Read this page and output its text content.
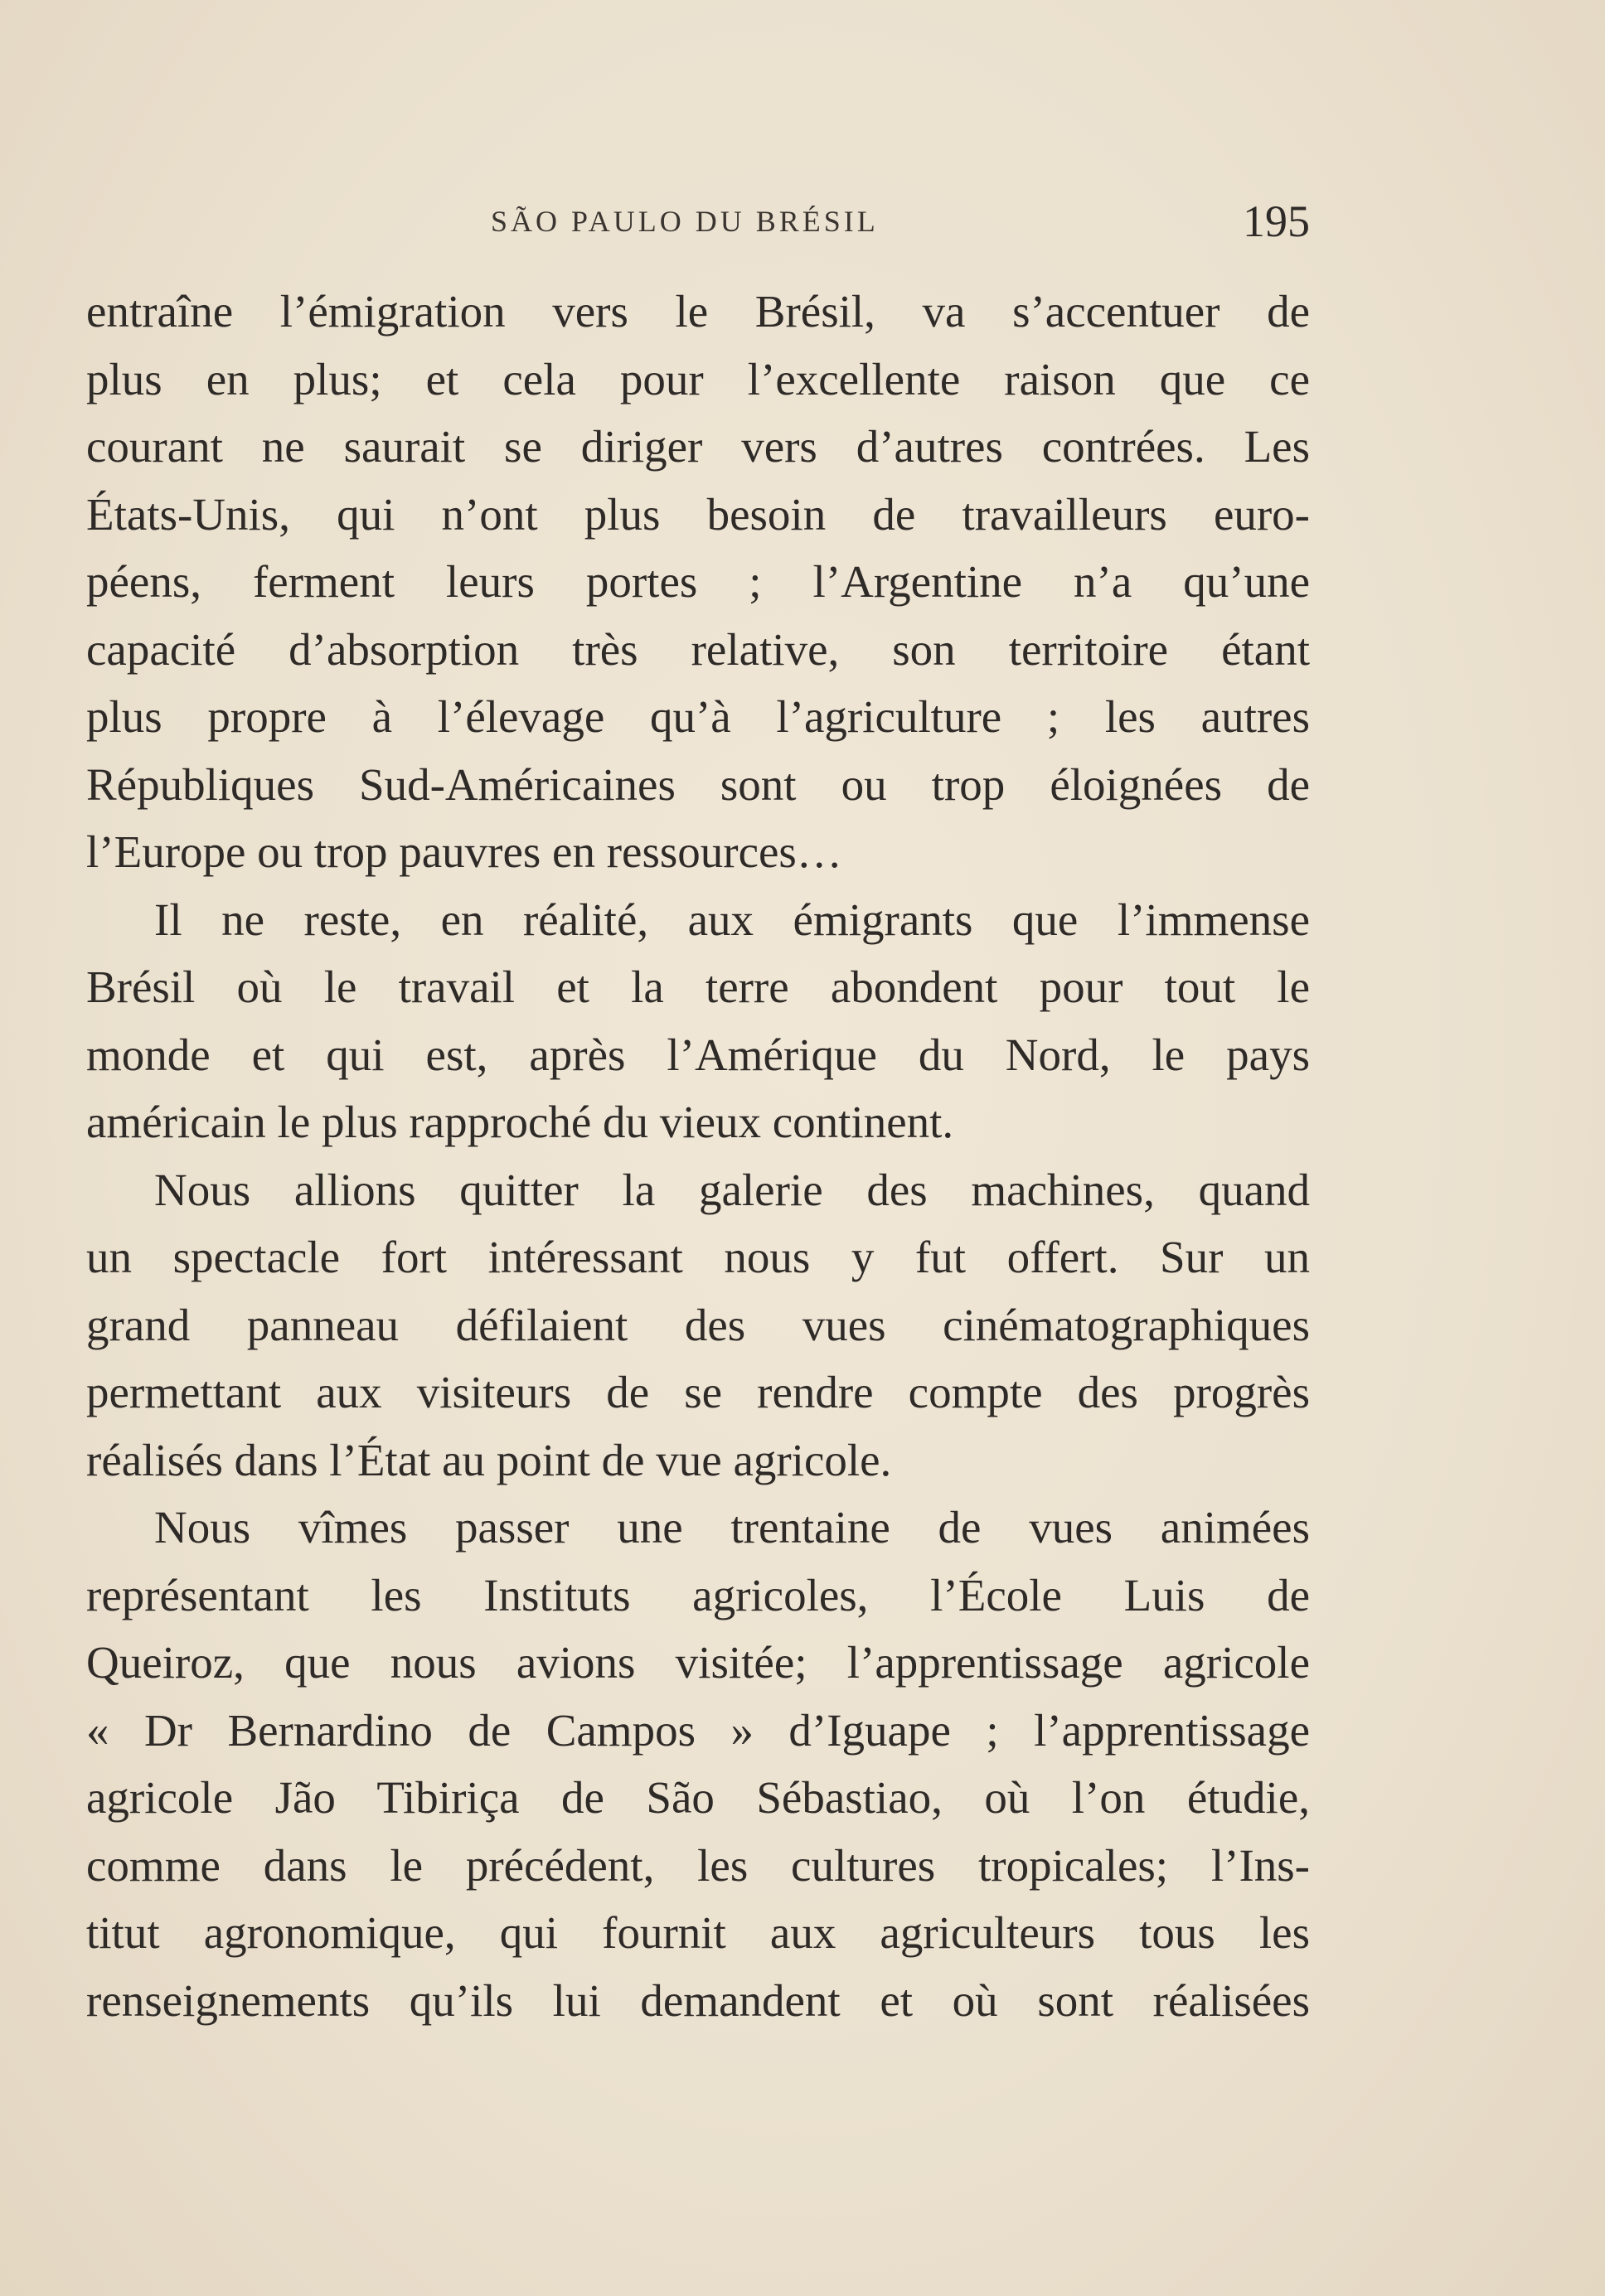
SÃO PAULO DU BRÉSIL	195
entraîne l’émigration vers le Brésil, va s’accentuer de
plus en plus; et cela pour l’excellente raison que ce
courant ne saurait se diriger vers d’autres contrées. Les
États-Unis, qui n’ont plus besoin de travailleurs euro-
péens, ferment leurs portes ; l’Argentine n’a qu’une
capacité d’absorption très relative, son territoire étant
plus propre à l’élevage qu’à l’agriculture ; les autres
Républiques Sud-Américaines sont ou trop éloignées de
l’Europe ou trop pauvres en ressources…
Il ne reste, en réalité, aux émigrants que l’immense
Brésil où le travail et la terre abondent pour tout le
monde et qui est, après l’Amérique du Nord, le pays
américain le plus rapproché du vieux continent.
Nous allions quitter la galerie des machines, quand
un spectacle fort intéressant nous y fut offert. Sur un
grand panneau défilaient des vues cinématographiques
permettant aux visiteurs de se rendre compte des progrès
réalisés dans l’État au point de vue agricole.
Nous vîmes passer une trentaine de vues animées
représentant les Instituts agricoles, l’École Luis de
Queiroz, que nous avions visitée; l’apprentissage agricole
« Dr Bernardino de Campos » d’Iguape ; l’apprentissage
agricole Jão Tibiriça de São Sébastiao, où l’on étudie,
comme dans le précédent, les cultures tropicales; l’Ins-
titut agronomique, qui fournit aux agriculteurs tous les
renseignements qu’ils lui demandent et où sont réalisées
